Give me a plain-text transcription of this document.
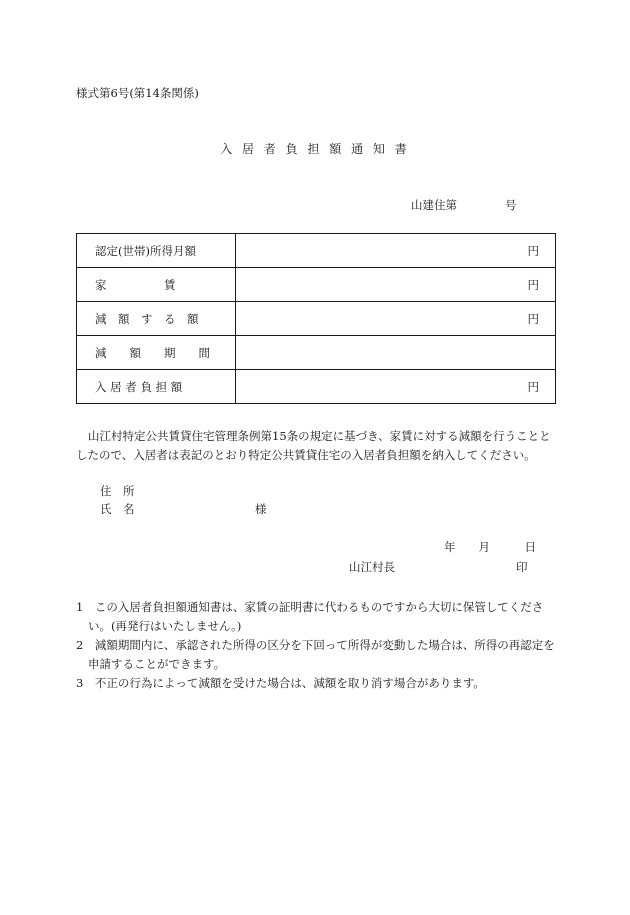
様式第6号(第14条関係)
入 居 者 負 担 額 通 知 書
山建住第	号
認定(世帯)所得月額	円
家　　　　　賃	円
減　額　す　る　額	円
減　　額　　期　　間	
入 居 者 負 担 額	円
山江村特定公共賃貸住宅管理条例第15条の規定に基づき、家賃に対する減額を行うこととしたので、入居者は表記のとおり特定公共賃貸住宅の入居者負担額を納入してください。
住　所
氏　名	様
年　　月　　　日
山江村長	印
1　この入居者負担額通知書は、家賃の証明書に代わるものですから大切に保管してください。(再発行はいたしません。)
2　減額期間内に、承認された所得の区分を下回って所得が変動した場合は、所得の再認定を申請することができます。
3　不正の行為によって減額を受けた場合は、減額を取り消す場合があります。
